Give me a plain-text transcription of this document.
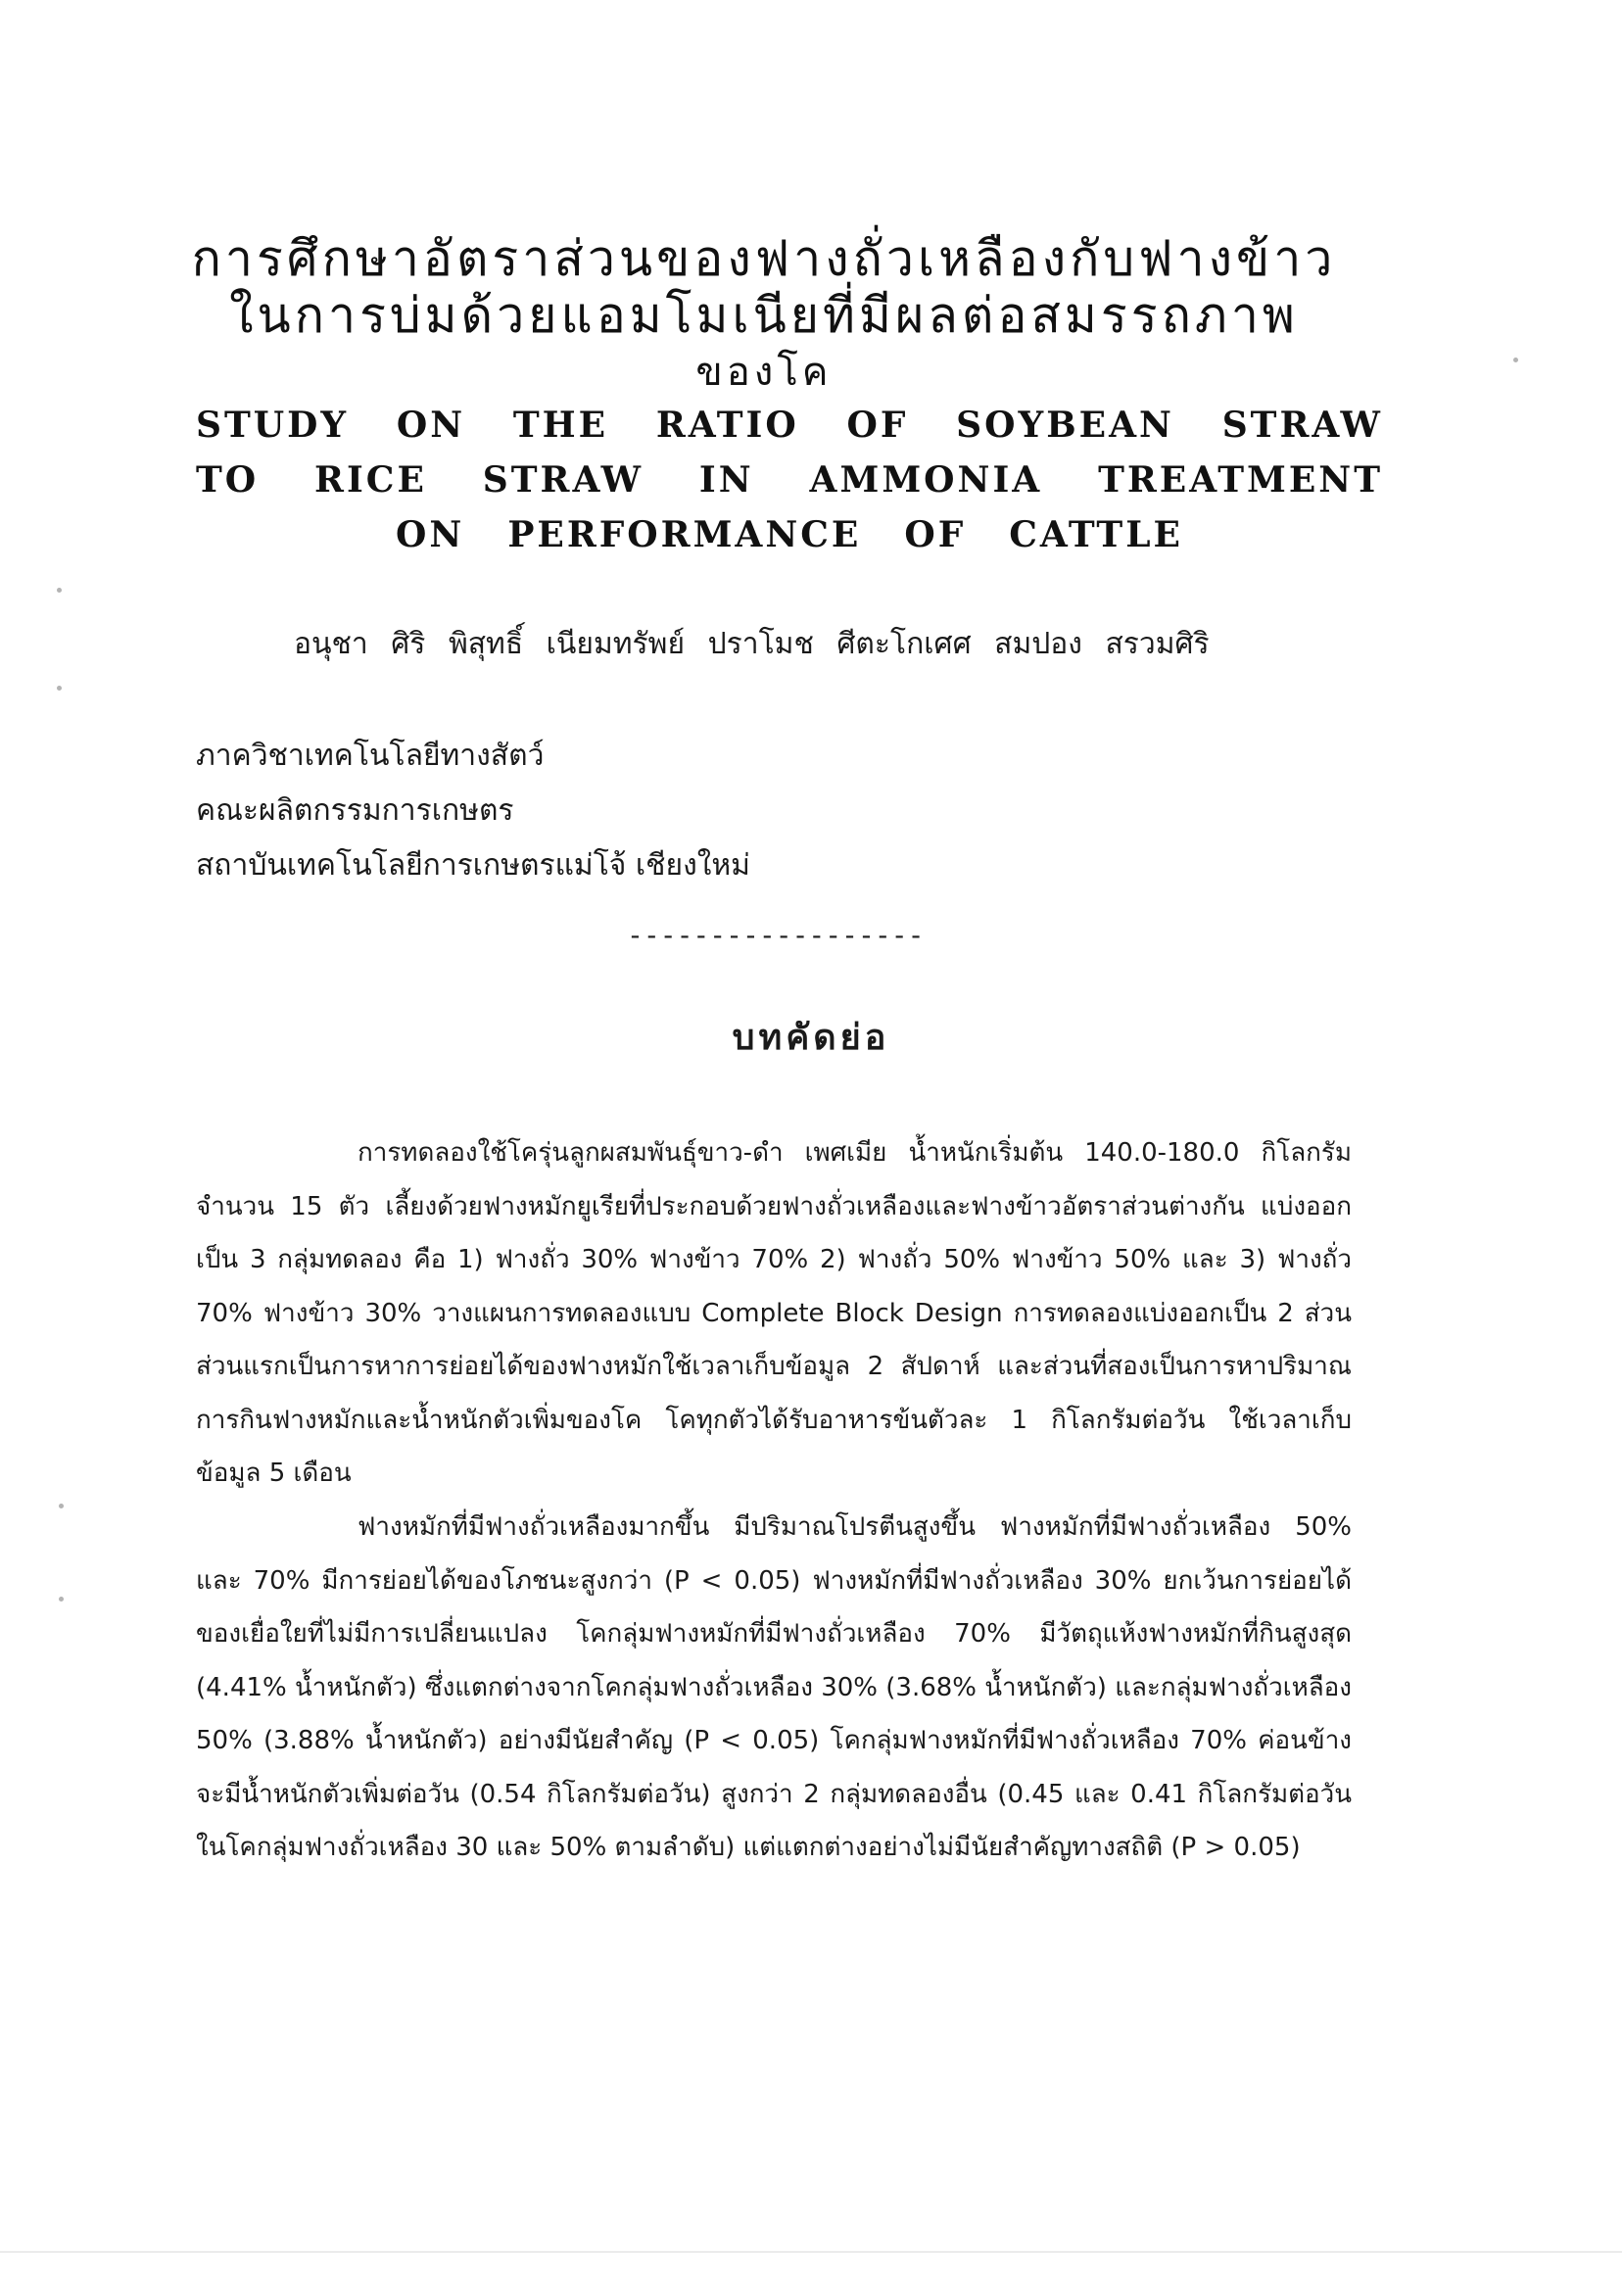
การศึกษาอัตราส่วนของฟางถั่วเหลืองกับฟางข้าว
ในการบ่มด้วยแอมโมเนียที่มีผลต่อสมรรถภาพ
ของโค
STUDY ON THE RATIO OF SOYBEAN STRAW
TO RICE STRAW IN AMMONIA TREATMENT
ON PERFORMANCE OF CATTLE
อนุชา ศิริ พิสุทธิ์ เนียมทรัพย์ ปราโมช ศีตะโกเศศ สมปอง สรวมศิริ
ภาควิชาเทคโนโลยีทางสัตว์
คณะผลิตกรรมการเกษตร
สถาบันเทคโนโลยีการเกษตรแม่โจ้ เชียงใหม่
------------------
บทคัดย่อ
การทดลองใช้โครุ่นลูกผสมพันธุ์ขาว-ดำ เพศเมีย น้ำหนักเริ่มต้น 140.0-180.0 กิโลกรัม จำนวน 15 ตัว เลี้ยงด้วยฟางหมักยูเรียที่ประกอบด้วยฟางถั่วเหลืองและฟางข้าวอัตราส่วนต่างกัน แบ่งออกเป็น 3 กลุ่มทดลอง คือ 1) ฟางถั่ว 30% ฟางข้าว 70% 2) ฟางถั่ว 50% ฟางข้าว 50% และ 3) ฟางถั่ว 70% ฟางข้าว 30% วางแผนการทดลองแบบ Complete Block Design การทดลองแบ่งออกเป็น 2 ส่วน ส่วนแรกเป็นการหาการย่อยได้ของฟางหมักใช้เวลาเก็บข้อมูล 2 สัปดาห์ และส่วนที่สองเป็นการหาปริมาณการกินฟางหมักและน้ำหนักตัวเพิ่มของโค โคทุกตัวได้รับอาหารข้นตัวละ 1 กิโลกรัมต่อวัน ใช้เวลาเก็บข้อมูล 5 เดือน
ฟางหมักที่มีฟางถั่วเหลืองมากขึ้น มีปริมาณโปรตีนสูงขึ้น ฟางหมักที่มีฟางถั่วเหลือง 50% และ 70% มีการย่อยได้ของโภชนะสูงกว่า (P < 0.05) ฟางหมักที่มีฟางถั่วเหลือง 30% ยกเว้นการย่อยได้ของเยื่อใยที่ไม่มีการเปลี่ยนแปลง โคกลุ่มฟางหมักที่มีฟางถั่วเหลือง 70% มีวัตถุแห้งฟางหมักที่กินสูงสุด (4.41% น้ำหนักตัว) ซึ่งแตกต่างจากโคกลุ่มฟางถั่วเหลือง 30% (3.68% น้ำหนักตัว) และกลุ่มฟางถั่วเหลือง 50% (3.88% น้ำหนักตัว) อย่างมีนัยสำคัญ (P < 0.05) โคกลุ่มฟางหมักที่มีฟางถั่วเหลือง 70% ค่อนข้างจะมีน้ำหนักตัวเพิ่มต่อวัน (0.54 กิโลกรัมต่อวัน) สูงกว่า 2 กลุ่มทดลองอื่น (0.45 และ 0.41 กิโลกรัมต่อวันในโคกลุ่มฟางถั่วเหลือง 30 และ 50% ตามลำดับ) แต่แตกต่างอย่างไม่มีนัยสำคัญทางสถิติ (P > 0.05)
